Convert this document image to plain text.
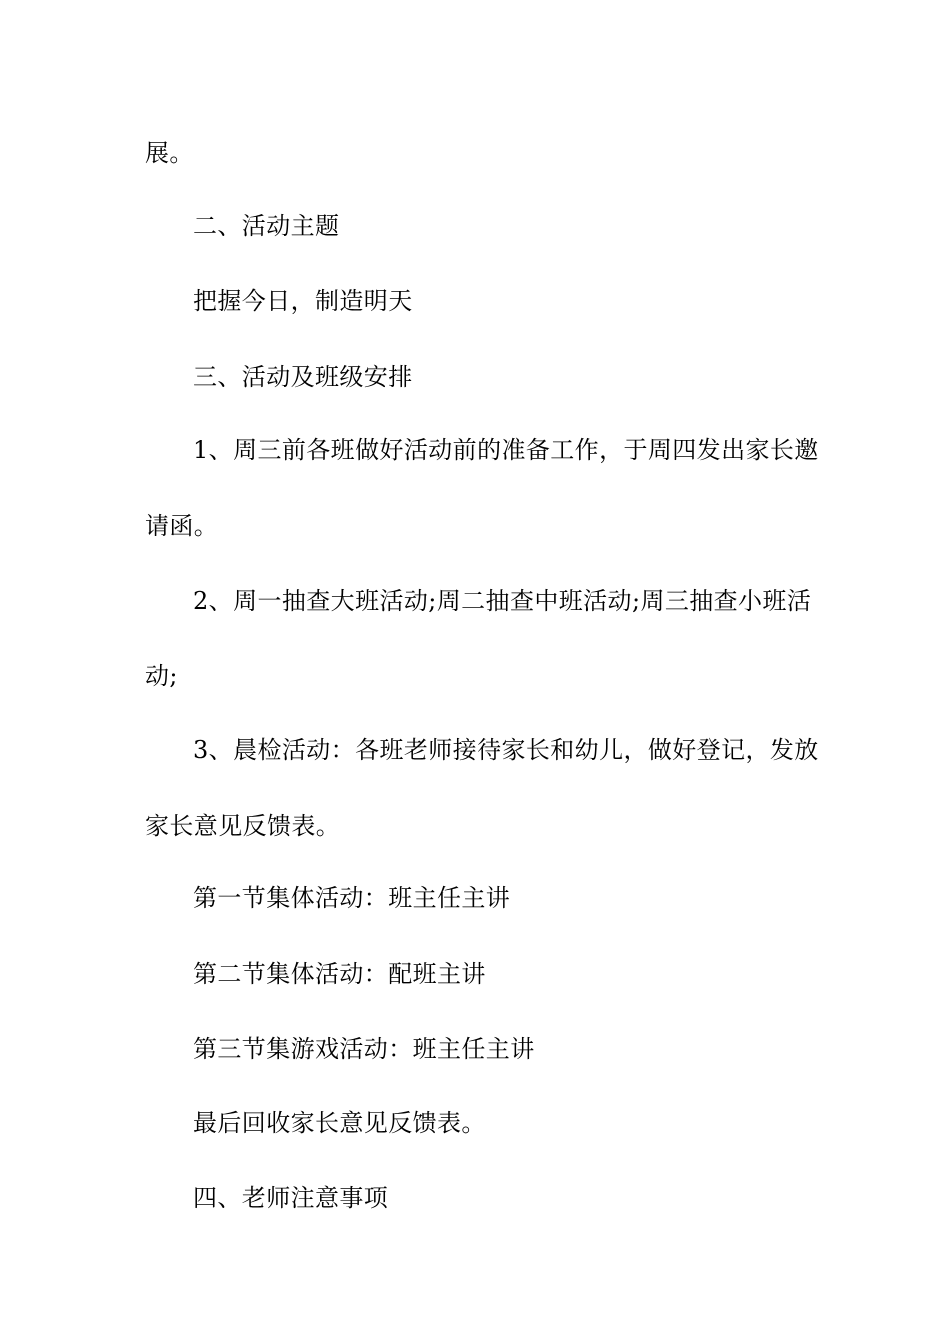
展。
二、活动主题
把握今日，制造明天
三、活动及班级安排
1、周三前各班做好活动前的准备工作，于周四发出家长邀
请函。
2、周一抽查大班活动;周二抽查中班活动;周三抽查小班活
动;
3、晨检活动：各班老师接待家长和幼儿，做好登记，发放
家长意见反馈表。
第一节集体活动：班主任主讲
第二节集体活动：配班主讲
第三节集游戏活动：班主任主讲
最后回收家长意见反馈表。
四、老师注意事项
